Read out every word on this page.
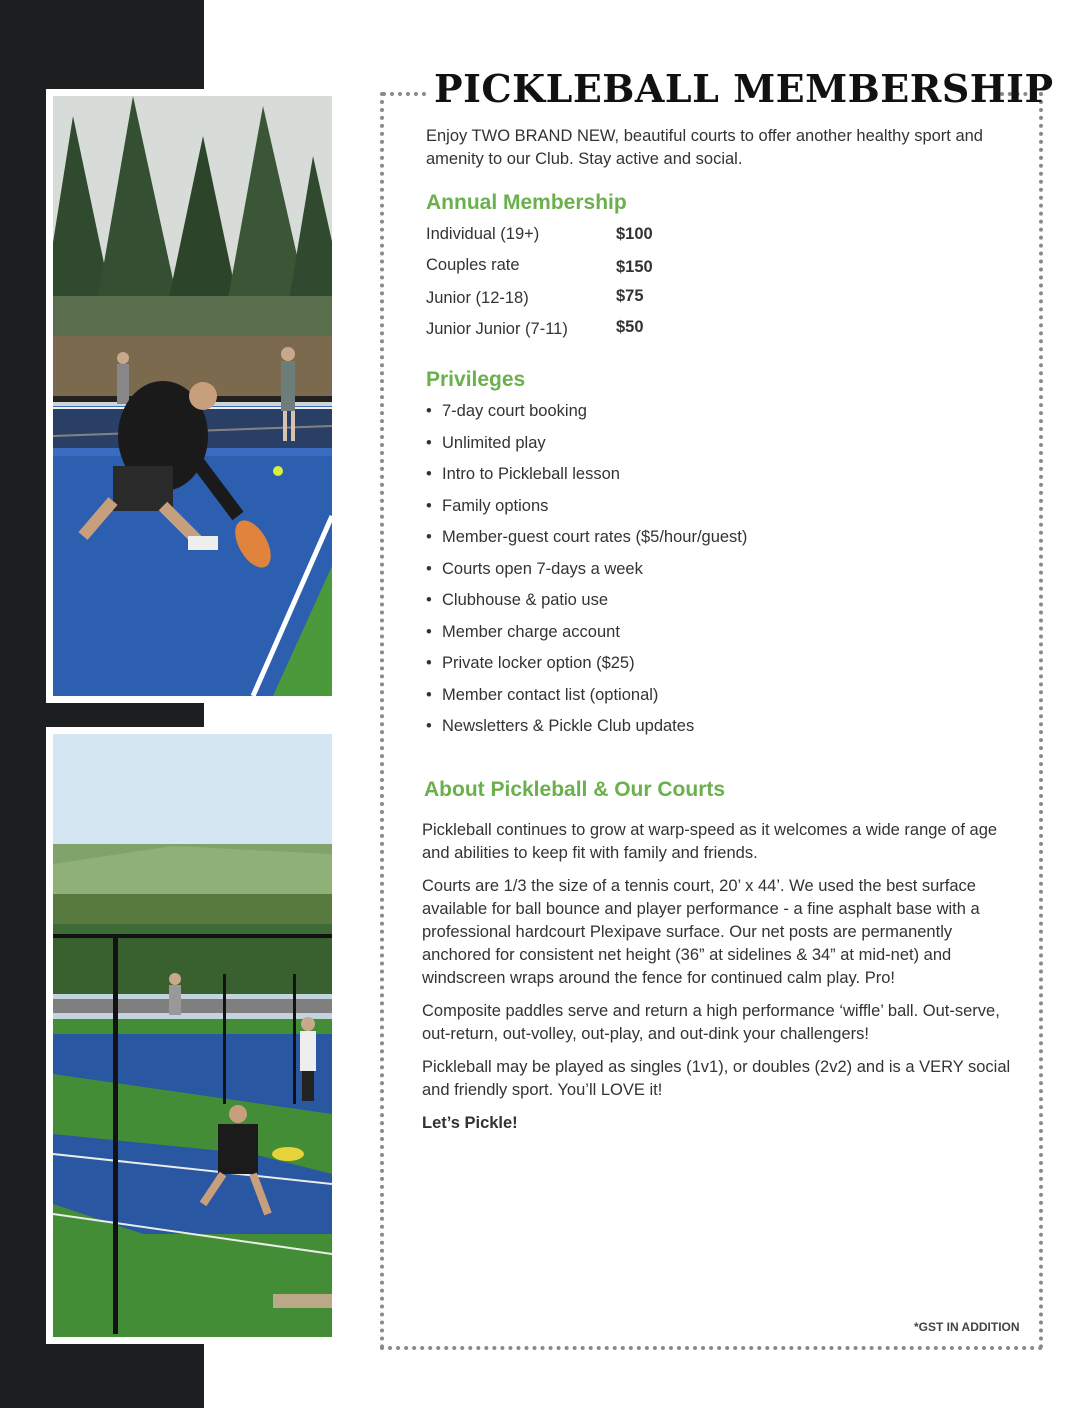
PICKLEBALL MEMBERSHIP
Enjoy TWO BRAND NEW, beautiful courts to offer another healthy sport and amenity to our Club. Stay active and social.
Annual Membership
Individual (19+)	$100
Couples rate	$150
Junior (12-18)	$75
Junior Junior (7-11)	$50
Privileges
• 7-day court booking
• Unlimited play
• Intro to Pickleball lesson
• Family options
• Member-guest court rates ($5/hour/guest)
• Courts open 7-days a week
• Clubhouse & patio use
• Member charge account
• Private locker option ($25)
• Member contact list (optional)
• Newsletters & Pickle Club updates
About Pickleball & Our Courts

Pickleball continues to grow at warp-speed as it welcomes a wide range of age and abilities to keep fit with family and friends.

Courts are 1/3 the size of a tennis court, 20’ x 44’. We used the best surface available for ball bounce and player performance - a fine asphalt base with a professional hardcourt Plexipave surface. Our net posts are permanently anchored for consistent net height (36” at sidelines & 34” at mid-net) and windscreen wraps around the fence for continued calm play. Pro!

Composite paddles serve and return a high performance ‘wiffle’ ball. Out-serve, out-return, out-volley, out-play, and out-dink your challengers!

Pickleball may be played as singles (1v1), or doubles (2v2) and is a VERY social and friendly sport. You’ll LOVE it!

Let’s Pickle!

*GST IN ADDITION
